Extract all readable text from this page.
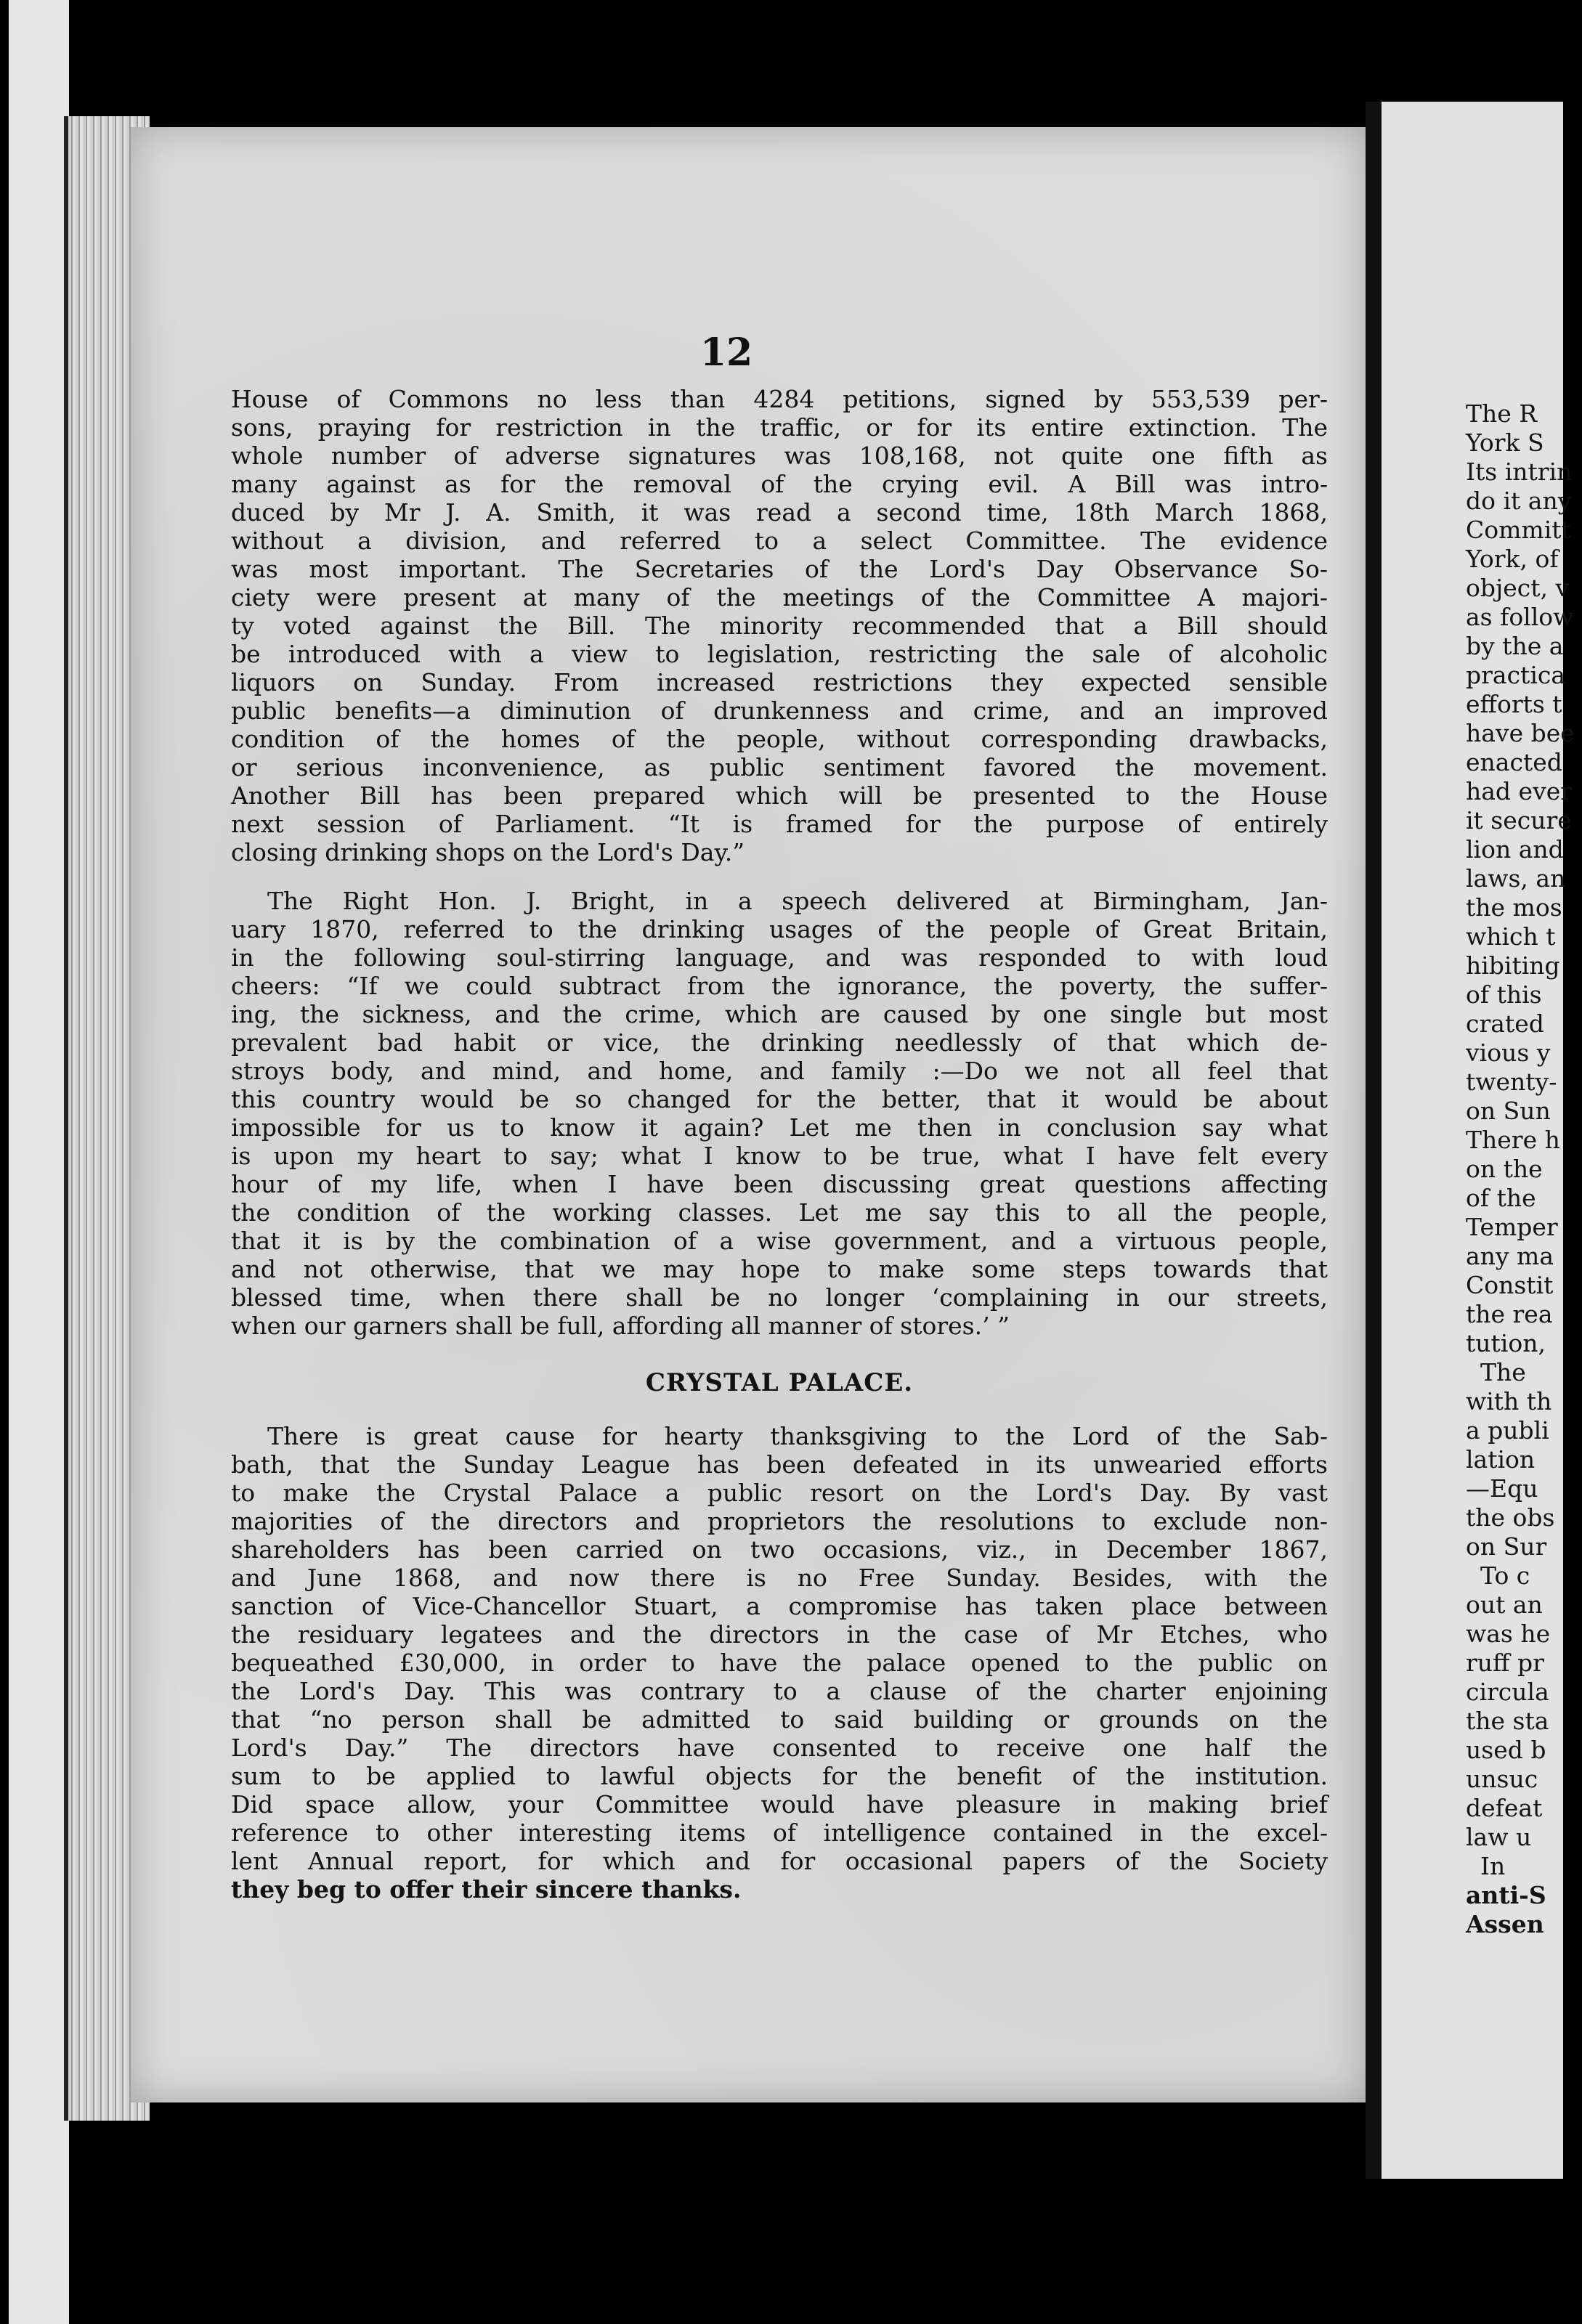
12
House of Commons no less than 4284 petitions, signed by 553,539 per-
sons, praying for restriction in the traffic, or for its entire extinction. The
whole number of adverse signatures was 108,168, not quite one fifth as
many against as for the removal of the crying evil. A Bill was intro-
duced by Mr J. A. Smith, it was read a second time, 18th March 1868,
without a division, and referred to a select Committee. The evidence
was most important. The Secretaries of the Lord's Day Observance So-
ciety were present at many of the meetings of the Committee A majori-
ty voted against the Bill. The minority recommended that a Bill should
be introduced with a view to legislation, restricting the sale of alcoholic
liquors on Sunday. From increased restrictions they expected sensible
public benefits—a diminution of drunkenness and crime, and an improved
condition of the homes of the people, without corresponding drawbacks,
or serious inconvenience, as public sentiment favored the movement.
Another Bill has been prepared which will be presented to the House
next session of Parliament. “It is framed for the purpose of entirely
closing drinking shops on the Lord's Day.”
The Right Hon. J. Bright, in a speech delivered at Birmingham, Jan-
uary 1870, referred to the drinking usages of the people of Great Britain,
in the following soul-stirring language, and was responded to with loud
cheers: “If we could subtract from the ignorance, the poverty, the suffer-
ing, the sickness, and the crime, which are caused by one single but most
prevalent bad habit or vice, the drinking needlessly of that which de-
stroys body, and mind, and home, and family :—Do we not all feel that
this country would be so changed for the better, that it would be about
impossible for us to know it again? Let me then in conclusion say what
is upon my heart to say; what I know to be true, what I have felt every
hour of my life, when I have been discussing great questions affecting
the condition of the working classes. Let me say this to all the people,
that it is by the combination of a wise government, and a virtuous people,
and not otherwise, that we may hope to make some steps towards that
blessed time, when there shall be no longer ‘complaining in our streets,
when our garners shall be full, affording all manner of stores.’ ”
CRYSTAL PALACE.
There is great cause for hearty thanksgiving to the Lord of the Sab-
bath, that the Sunday League has been defeated in its unwearied efforts
to make the Crystal Palace a public resort on the Lord's Day. By vast
majorities of the directors and proprietors the resolutions to exclude non-
shareholders has been carried on two occasions, viz., in December 1867,
and June 1868, and now there is no Free Sunday. Besides, with the
sanction of Vice-Chancellor Stuart, a compromise has taken place between
the residuary legatees and the directors in the case of Mr Etches, who
bequeathed £30,000, in order to have the palace opened to the public on
the Lord's Day. This was contrary to a clause of the charter enjoining
that “no person shall be admitted to said building or grounds on the
Lord's Day.” The directors have consented to receive one half the
sum to be applied to lawful objects for the benefit of the institution.
Did space allow, your Committee would have pleasure in making brief
reference to other interesting items of intelligence contained in the excel-
lent Annual report, for which and for occasional papers of the Society
they beg to offer their sincere thanks.
The R
York S
Its intrin
do it any
Committ
York, of
object, v
as follow
by the a
practica
efforts t
have bee
enacted
had ever
it secure
lion and
laws, an
the mos
which t
hibiting
of this
crated
vious y
twenty-
on Sun
There h
on the
of the
Temper
any ma
Constit
the rea
tution,
The
with th
a publi
lation
—Equ
the obs
on Sur
To c
out an
was he
ruff pr
circula
the sta
used b
unsuc
defeat
law u
In
anti-S
Assen
